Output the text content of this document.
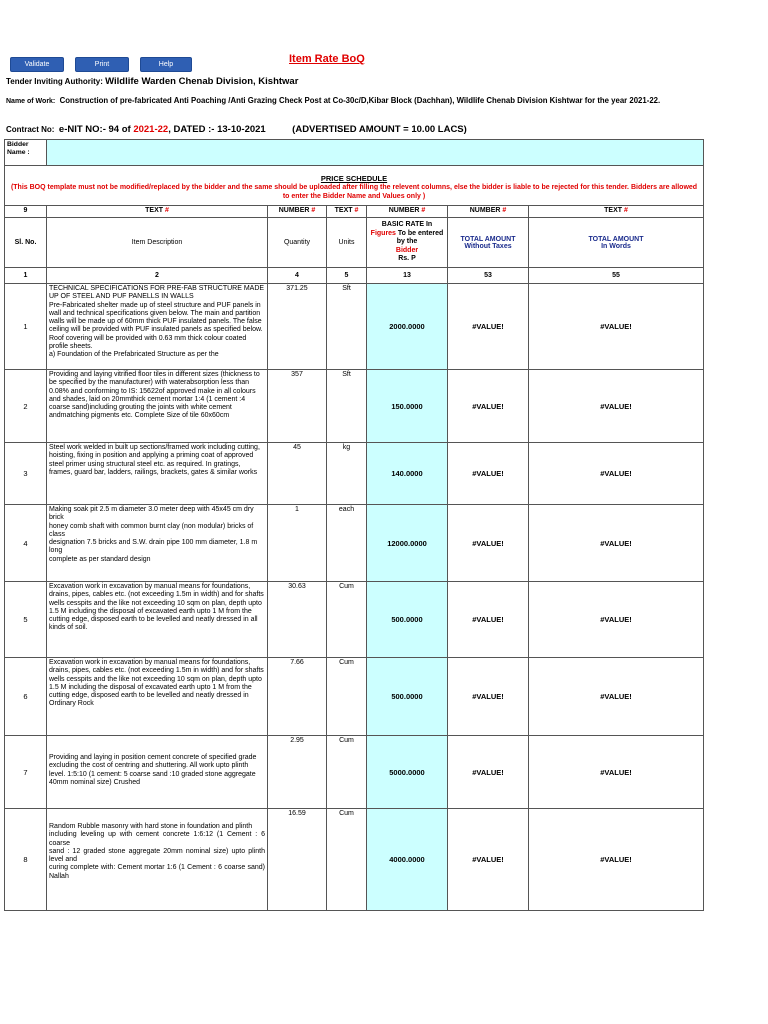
Validate	Print	Help	Item Rate BoQ
Tender Inviting Authority: Wildlife Warden Chenab Division, Kishtwar
Name of Work: Construction of pre-fabricated Anti Poaching /Anti Grazing Check Post at Co-30c/D,Kibar Block (Dachhan), Wildlife Chenab Division Kishtwar for the year 2021-22.
Contract No: e-NIT NO:- 94 of 2021-22, DATED :- 13-10-2021	(ADVERTISED AMOUNT = 10.00 LACS)
Bidder Name :						

PRICE SCHEDULE
(This BOQ template must not be modified/replaced by the bidder and the same should be uploaded after filling the relevent columns, else the bidder is liable to be rejected for this tender. Bidders are allowed to enter the Bidder Name and Values only )						

9	TEXT #	NUMBER #	TEXT #	NUMBER #	NUMBER #	TEXT #
Sl. No.	Item Description	Quantity	Units	BASIC RATE In
Figures To be entered by the
Bidder
Rs. P	TOTAL AMOUNT
Without Taxes	TOTAL AMOUNT
In Words
1	2	4	5	13	53	55
1	TECHNICAL SPECIFICATIONS FOR PRE-FAB STRUCTURE MADE UP OF STEEL AND PUF PANELLS IN WALLS
Pre-Fabricated shelter made up of steel structure and PUF panels in wall and technical specifications given below. The main and partition walls will be made up of 60mm thick PUF insulated panels. The false ceiling will be provided with PUF insulated panels as specified below. Roof covering will be provided with 0.63 mm thick colour coated profile sheets.
a) Foundation of the Prefabricated Structure as per the	371.25	Sft	2000.0000	#VALUE!	#VALUE!
2	Providing and laying vitrified floor tiles in different sizes (thickness to be specified by the manufacturer) with waterabsorption less than 0.08% and conforming to IS: 15622of approved make in all colours and shades, laid on 20mmthick cement mortar 1:4 (1 cement :4 coarse sand)including grouting the joints with white cement andmatching pigments etc. Complete Size of tile 60x60cm	357	Sft	150.0000	#VALUE!	#VALUE!
3	Steel work welded in built up sections/framed work including cutting, hoisting, fixing in position and applying a priming coat of approved steel primer using structural steel etc. as required. In gratings, frames, guard bar, ladders, railings, brackets, gates & similar works	45	kg	140.0000	#VALUE!	#VALUE!
4	Making soak pit 2.5 m diameter 3.0 meter deep with 45x45 cm dry brick
honey comb shaft with common burnt clay (non modular) bricks of class
designation 7.5 bricks and S.W. drain pipe 100 mm diameter, 1.8 m long
complete as per standard design	1	each	12000.0000	#VALUE!	#VALUE!
5	Excavation work in excavation by manual means for foundations, drains, pipes, cables etc. (not exceeding 1.5m in width) and for shafts wells cesspits and the like not exceeding 10 sqm on plan, depth upto 1.5 M including the disposal of excavated earth upto 1 M from the cutting edge, disposed earth to be levelled and neatly dressed in all kinds of soil.	30.63	Cum	500.0000	#VALUE!	#VALUE!
6	Excavation work in excavation by manual means for foundations, drains, pipes, cables etc. (not exceeding 1.5m in width) and for shafts wells cesspits and the like not exceeding 10 sqm on plan, depth upto 1.5 M including the disposal of excavated earth upto 1 M from the cutting edge, disposed earth to be levelled and neatly dressed in Ordinary Rock	7.66	Cum	500.0000	#VALUE!	#VALUE!
7	Providing and laying in position cement concrete of specified grade excluding the cost of centring and shuttering. All work upto plinth level. 1:5:10 (1 cement: 5 coarse sand :10 graded stone aggregate 40mm nominal size) Crushed	2.95	Cum	5000.0000	#VALUE!	#VALUE!
8	Random Rubble masonry with hard stone in foundation and plinth
including leveling up with cement concrete 1:6:12 (1 Cement : 6 coarse
sand : 12 graded stone aggregate 20mm nominal size) upto plinth level and
curing complete with: Cement mortar 1:6 (1 Cement : 6 coarse sand) Nallah	16.59	Cum	4000.0000	#VALUE!	#VALUE!
